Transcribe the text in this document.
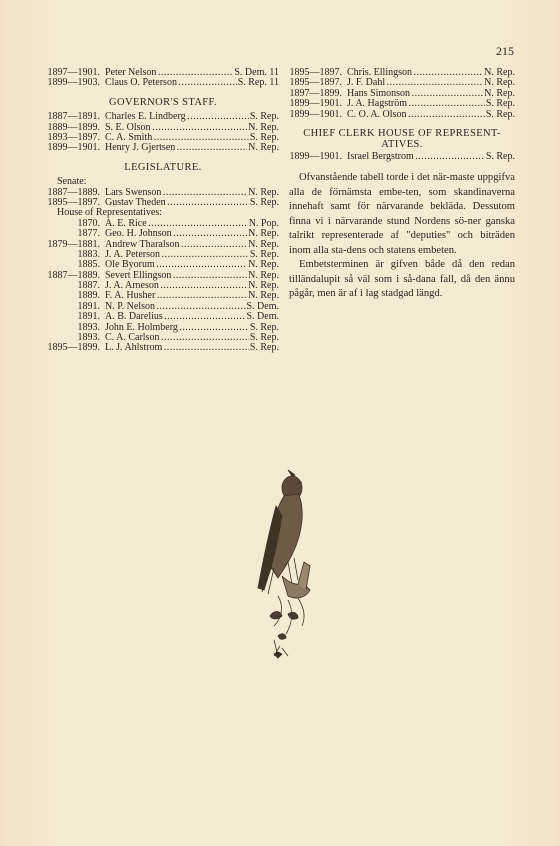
215
1897—1901. Peter Nelson . . .	S. Dem. 11
1899—1903. Claus O. Peterson . . .	S. Rep. 11
GOVERNOR'S STAFF.
1887—1891. Charles E. Lindberg . . .	S. Rep.
1889—1899. S. E. Olson . . .	N. Rep.
1893—1897. C. A. Smith . . .	S. Rep.
1899—1901. Henry J. Gjertsen . . .	N. Rep.
LEGISLATURE.
Senate:
1887—1889. Lars Swenson . . .	N. Rep.
1895—1897. Gustav Theden . . .	S. Rep.
House of Representatives:
1870. A. E. Rice . . .	N. Pop.
1877. Geo. H. Johnson . . .	N. Rep.
1879—1881. Andrew Tharalson . . .	N. Rep.
1883. J. A. Peterson . . .	S. Rep.
1885. Ole Byorum . . .	N. Rep.
1887—1889. Severt Ellingson . . .	N. Rep.
1887. J. A. Arneson . . .	N. Rep.
1889. F. A. Husher . . .	N. Rep.
1891. N. P. Nelson . . .	S. Dem.
1891. A. B. Darelius . . .	S. Dem.
1893. John E. Holmberg . . .	S. Rep.
1893. C. A. Carlson . . .	S. Rep.
1895—1899. L. J. Ahlstrom . . .	S. Rep.
1895—1897. Chris. Ellingson . . .	N. Rep.
1895—1897. J. F. Dahl . . .	N. Rep.
1897—1899. Hans Simonson . . .	N. Rep.
1899—1901. J. A. Hagström . . .	S. Rep.
1899—1901. C. O. A. Olson . . .	S. Rep.
CHIEF CLERK HOUSE OF REPRESENT-ATIVES.
1899—1901. Israel Bergstrom . . .	S. Rep.

Ofvanstående tabell torde i det när-maste uppgifva alla de förnämsta embe-ten, som skandinaverna innehaft samt för närvarande bekläda. Dessutom finna vi i närvarande stund Nordens sö-ner ganska talrikt representerade af "deputies" och biträden inom alla sta-dens och statens embeten.

Embetsterminen är gifven både då den redan tilländalupit så väl som i så-dana fall, då den ännu pågår, men är af i lag stadgad längd.
